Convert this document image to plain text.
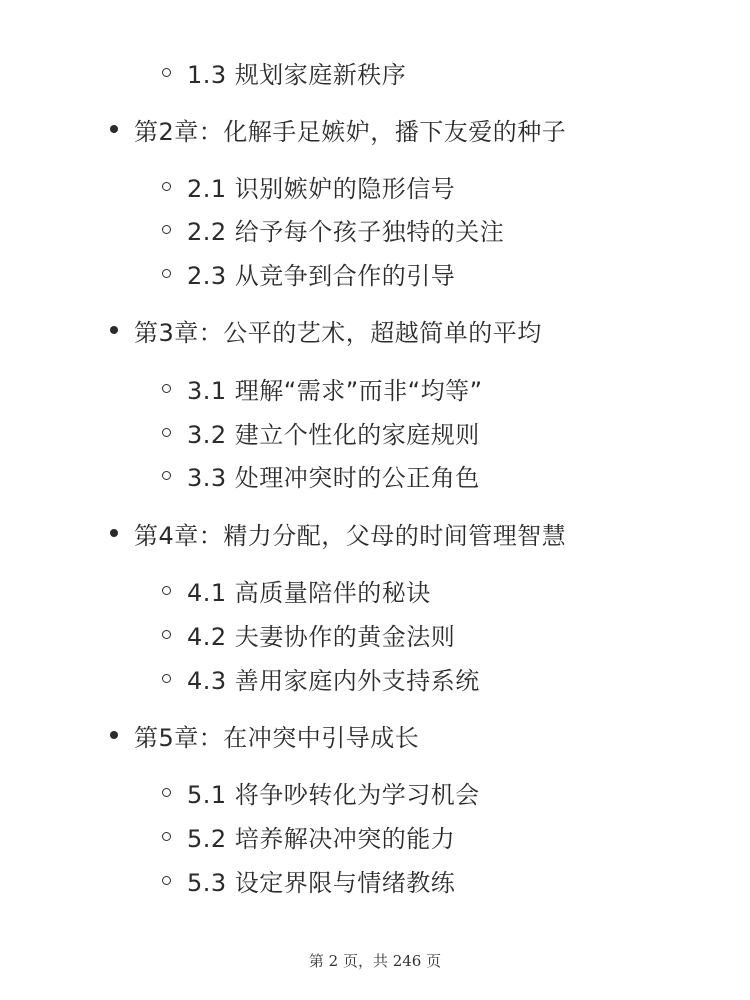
1.3 规划家庭新秩序
第2章：化解手足嫉妒，播下友爱的种子
2.1 识别嫉妒的隐形信号
2.2 给予每个孩子独特的关注
2.3 从竞争到合作的引导
第3章：公平的艺术，超越简单的平均
3.1 理解“需求”而非“均等”
3.2 建立个性化的家庭规则
3.3 处理冲突时的公正角色
第4章：精力分配，父母的时间管理智慧
4.1 高质量陪伴的秘诀
4.2 夫妻协作的黄金法则
4.3 善用家庭内外支持系统
第5章：在冲突中引导成长
5.1 将争吵转化为学习机会
5.2 培养解决冲突的能力
5.3 设定界限与情绪教练
第 2 页，共 246 页
